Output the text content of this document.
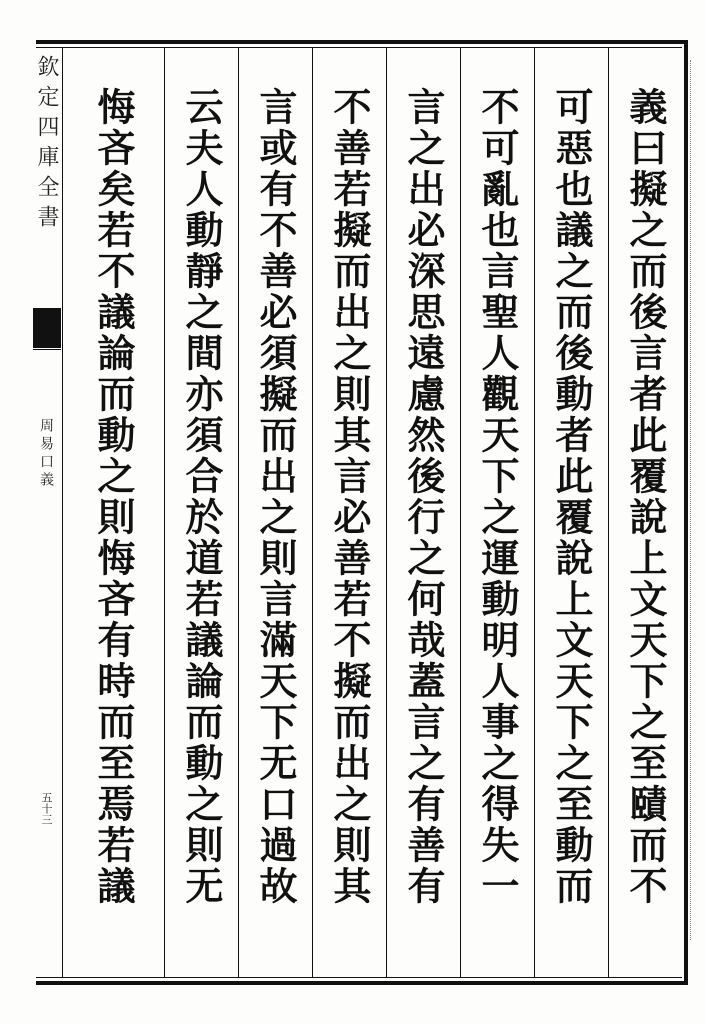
欽定四庫全書
周易口義
五十三	義曰擬之而後言者此覆說上文天下之至賾而不
可惡也議之而後動者此覆說上文天下之至動而
不可亂也言聖人觀天下之運動明人事之得失一
言之出必深思遠慮然後行之何哉蓋言之有善有
不善若擬而出之則其言必善若不擬而出之則其
言或有不善必須擬而出之則言滿天下无口過故
云夫人動靜之間亦須合於道若議論而動之則无
悔吝矣若不議論而動之則悔吝有時而至焉若議
